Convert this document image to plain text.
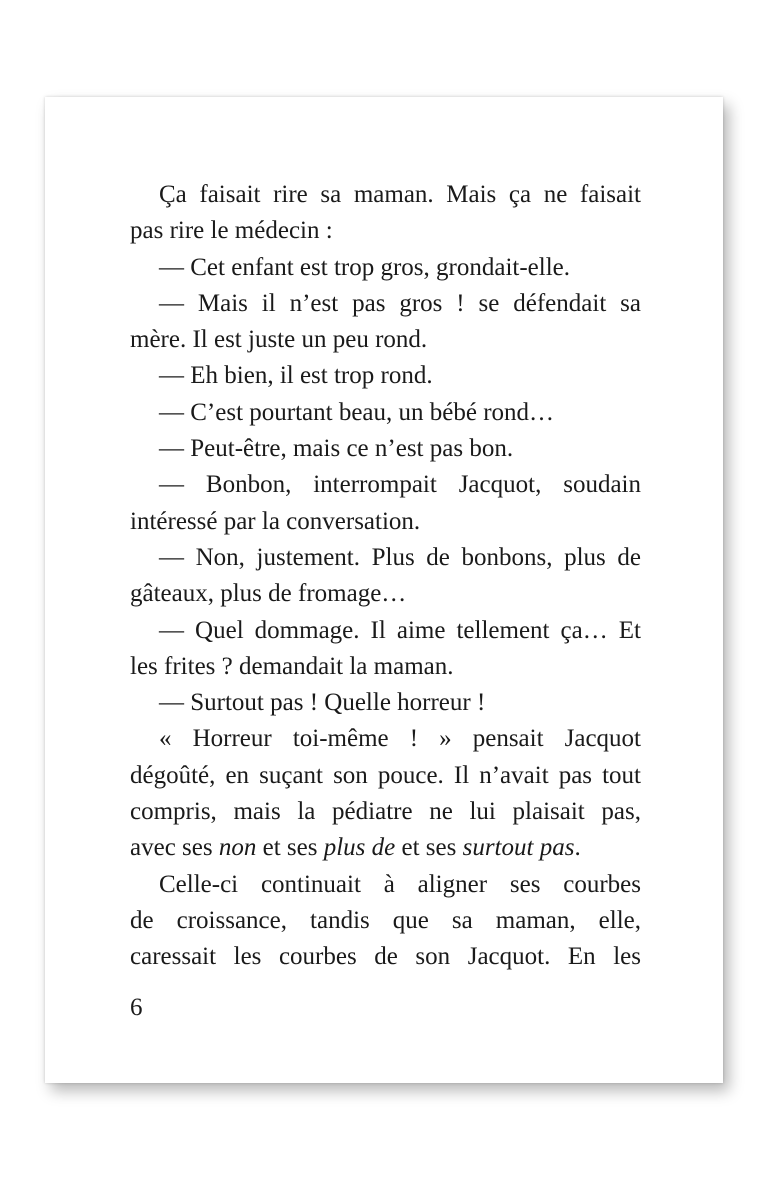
Ça faisait rire sa maman. Mais ça ne faisait
pas rire le médecin :
— Cet enfant est trop gros, grondait-elle.
— Mais il n’est pas gros ! se défendait sa
mère. Il est juste un peu rond.
— Eh bien, il est trop rond.
— C’est pourtant beau, un bébé rond…
— Peut-être, mais ce n’est pas bon.
— Bonbon, interrompait Jacquot, soudain
intéressé par la conversation.
— Non, justement. Plus de bonbons, plus de
gâteaux, plus de fromage…
— Quel dommage. Il aime tellement ça… Et
les frites ? demandait la maman.
— Surtout pas ! Quelle horreur !
« Horreur toi-même ! » pensait Jacquot
dégoûté, en suçant son pouce. Il n’avait pas tout
compris, mais la pédiatre ne lui plaisait pas,
avec ses non et ses plus de et ses surtout pas.
Celle-ci continuait à aligner ses courbes
de croissance, tandis que sa maman, elle,
caressait les courbes de son Jacquot. En les
6
